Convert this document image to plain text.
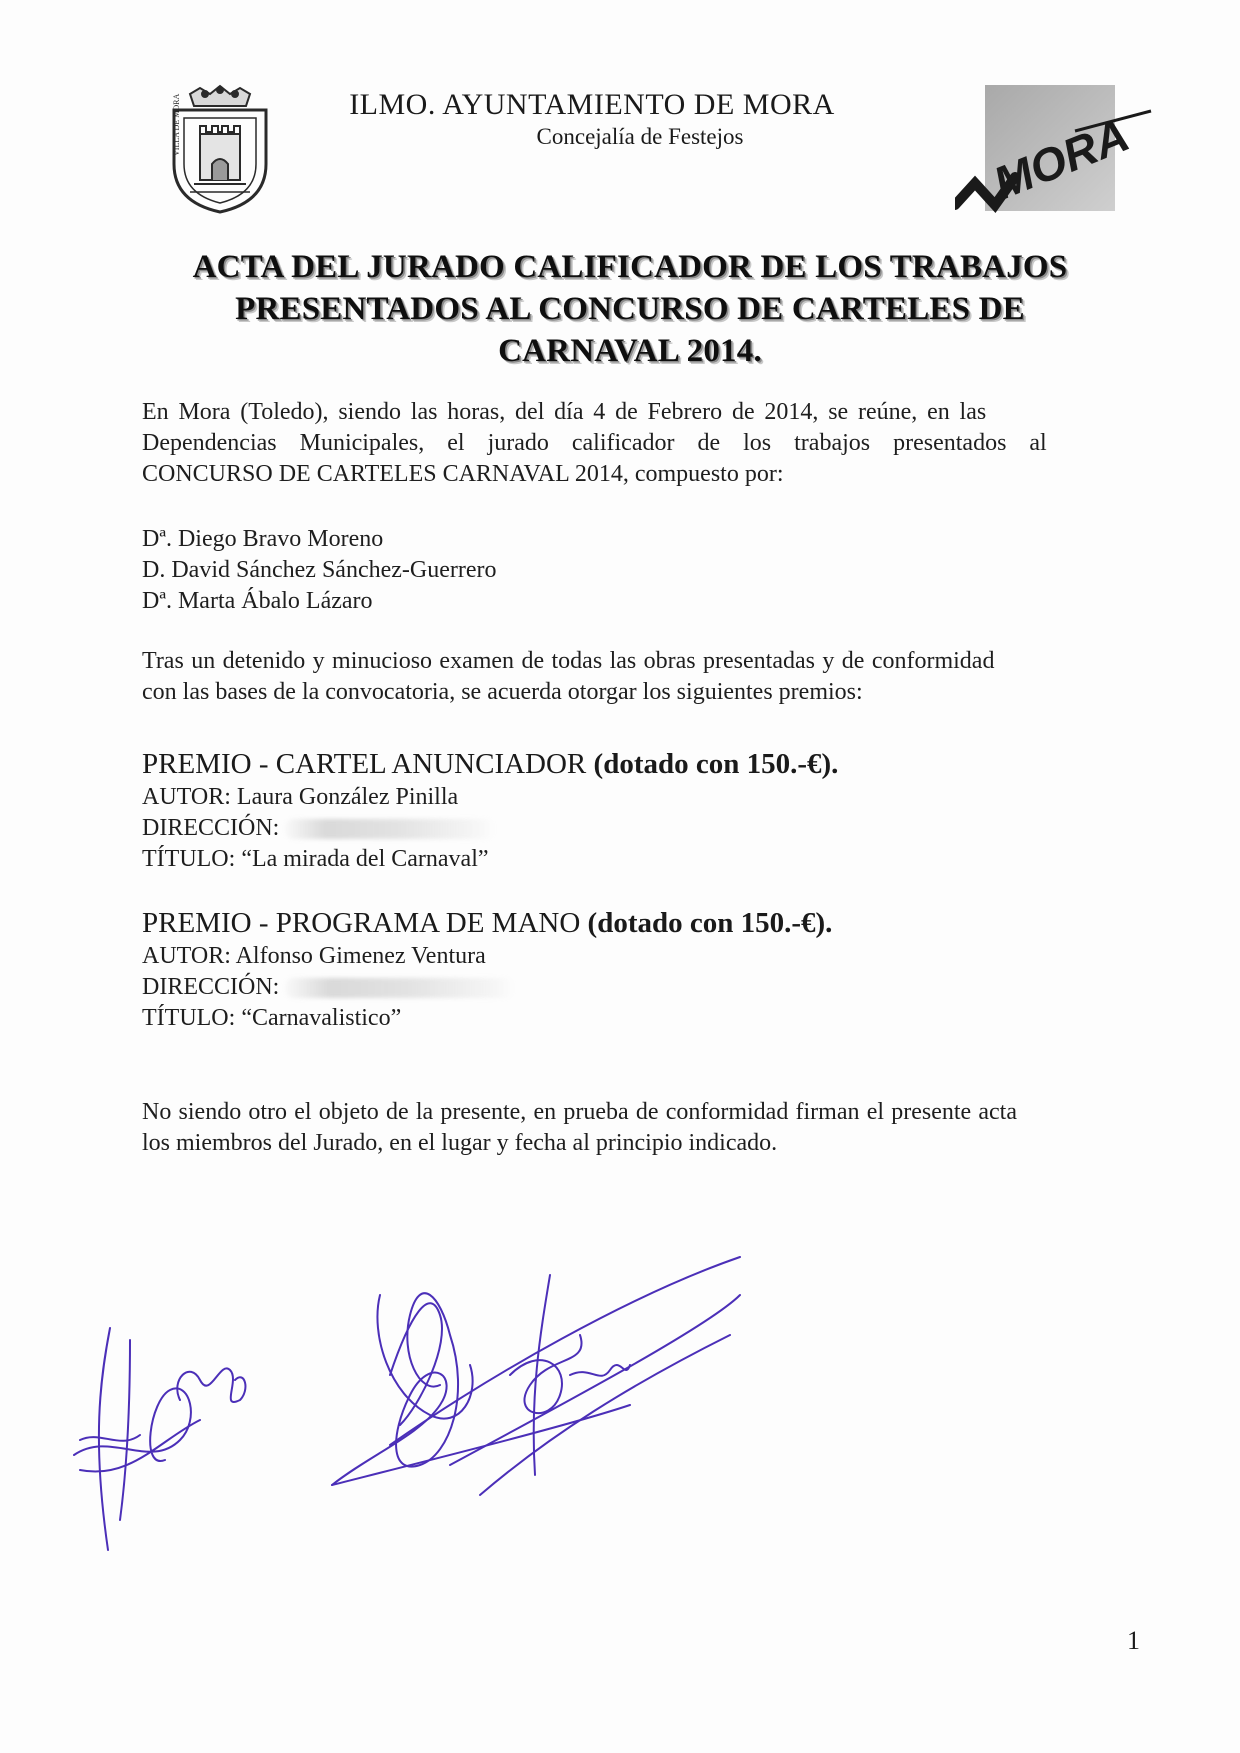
VILLA DE MORA	ILMO. AYUNTAMIENTO DE MORA
Concejalía de Festejos	MORA
ACTA DEL JURADO CALIFICADOR DE LOS TRABAJOS
PRESENTADOS AL CONCURSO DE CARTELES DE
CARNAVAL 2014.
En Mora (Toledo), siendo las horas, del día 4 de Febrero de 2014, se reúne, en las
Dependencias Municipales, el jurado calificador de los trabajos presentados al
CONCURSO DE CARTELES CARNAVAL 2014, compuesto por:
Dª. Diego Bravo Moreno
D. David Sánchez Sánchez-Guerrero
Dª. Marta Ábalo Lázaro
Tras un detenido y minucioso examen de todas las obras presentadas y de conformidad
con las bases de la convocatoria, se acuerda otorgar los siguientes premios:
PREMIO - CARTEL ANUNCIADOR (dotado con 150.-€).
AUTOR: Laura González Pinilla
DIRECCIÓN:
TÍTULO: “La mirada del Carnaval”
PREMIO - PROGRAMA DE MANO (dotado con 150.-€).
AUTOR: Alfonso Gimenez Ventura
DIRECCIÓN:
TÍTULO: “Carnavalistico”
No siendo otro el objeto de la presente, en prueba de conformidad firman el presente acta
los miembros del Jurado, en el lugar y fecha al principio indicado.
1
